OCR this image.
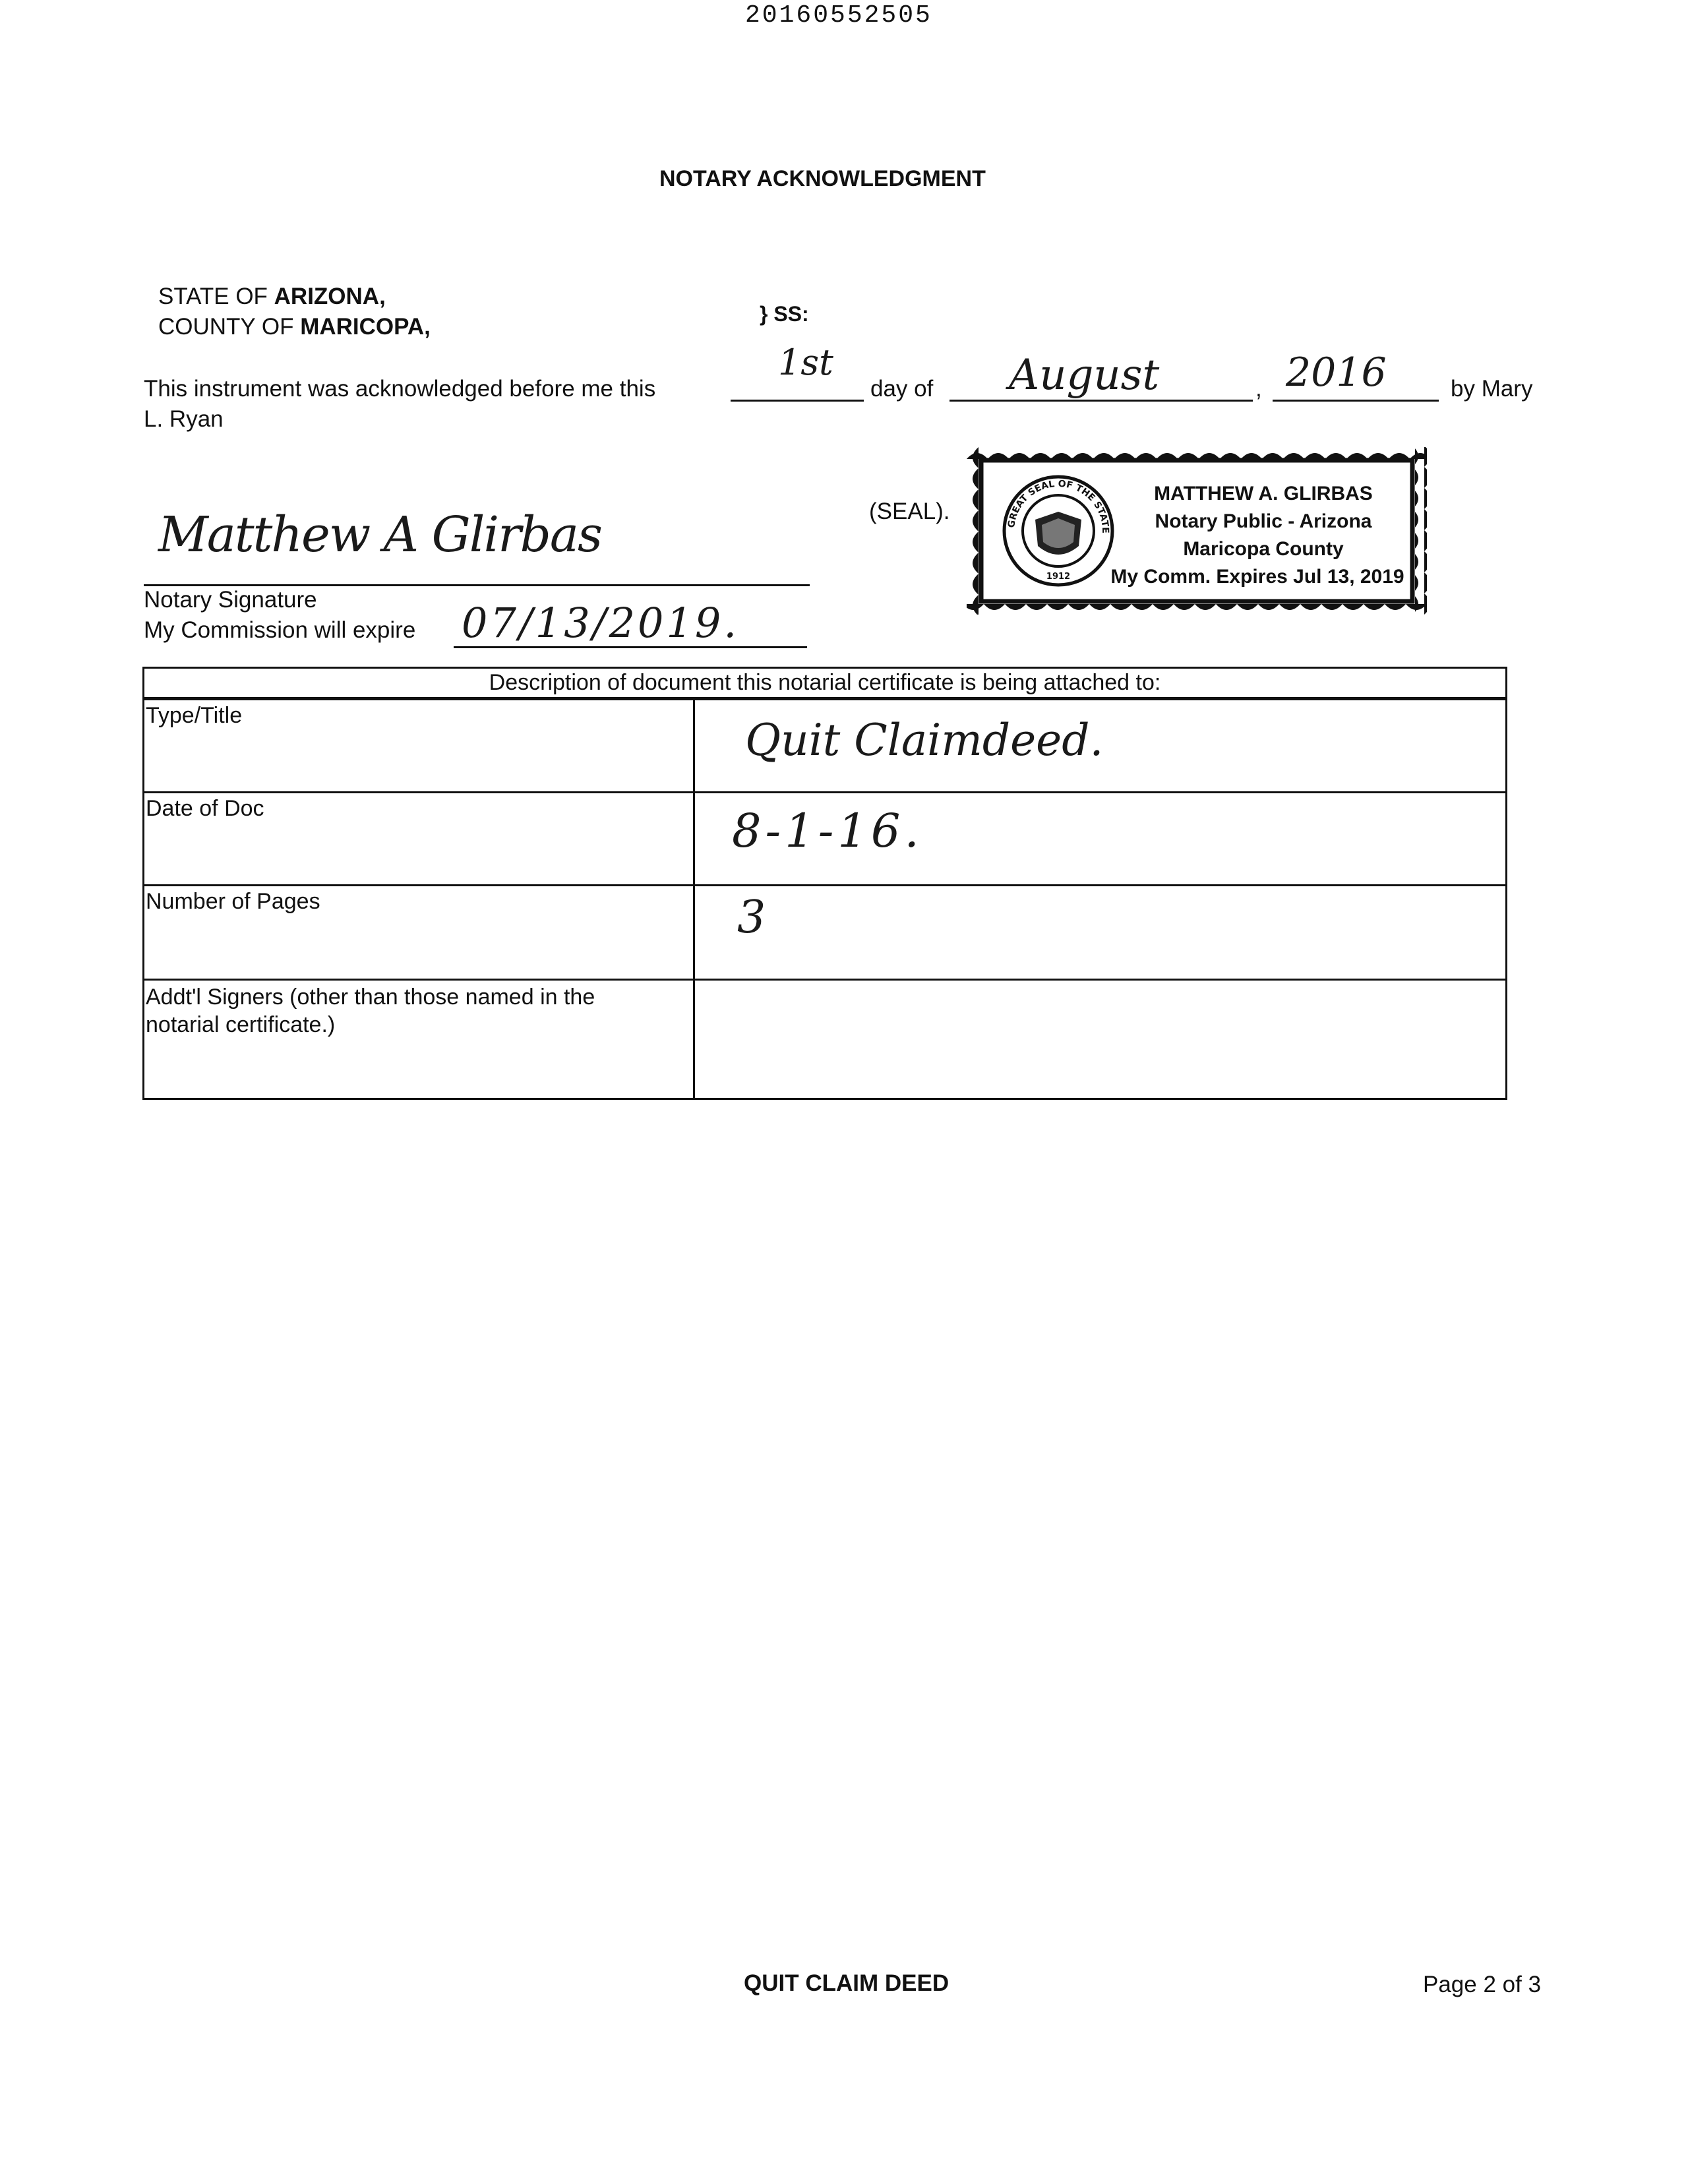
20160552505
NOTARY ACKNOWLEDGMENT
STATE OF ARIZONA,
COUNTY OF MARICOPA,	} SS:
This instrument was acknowledged before me this
1st
day of August	, 2016	by Mary
L. Ryan
(SEAL).	GREAT SEAL OF THE STATE
1912
MATTHEW A. GLIRBAS
Notary Public - Arizona
Maricopa County
My Comm. Expires Jul 13, 2019
Matthew A Glirbas
Notary Signature
My Commission will expire 07/13/2019.
Description of document this notarial certificate is being attached to:	
Type/Title	Quit Claimdeed.

Date of Doc	8-1-16.

Number of Pages	3

Addt'l Signers (other than those named in the notarial certificate.)	
QUIT CLAIM DEED	Page 2 of 3
